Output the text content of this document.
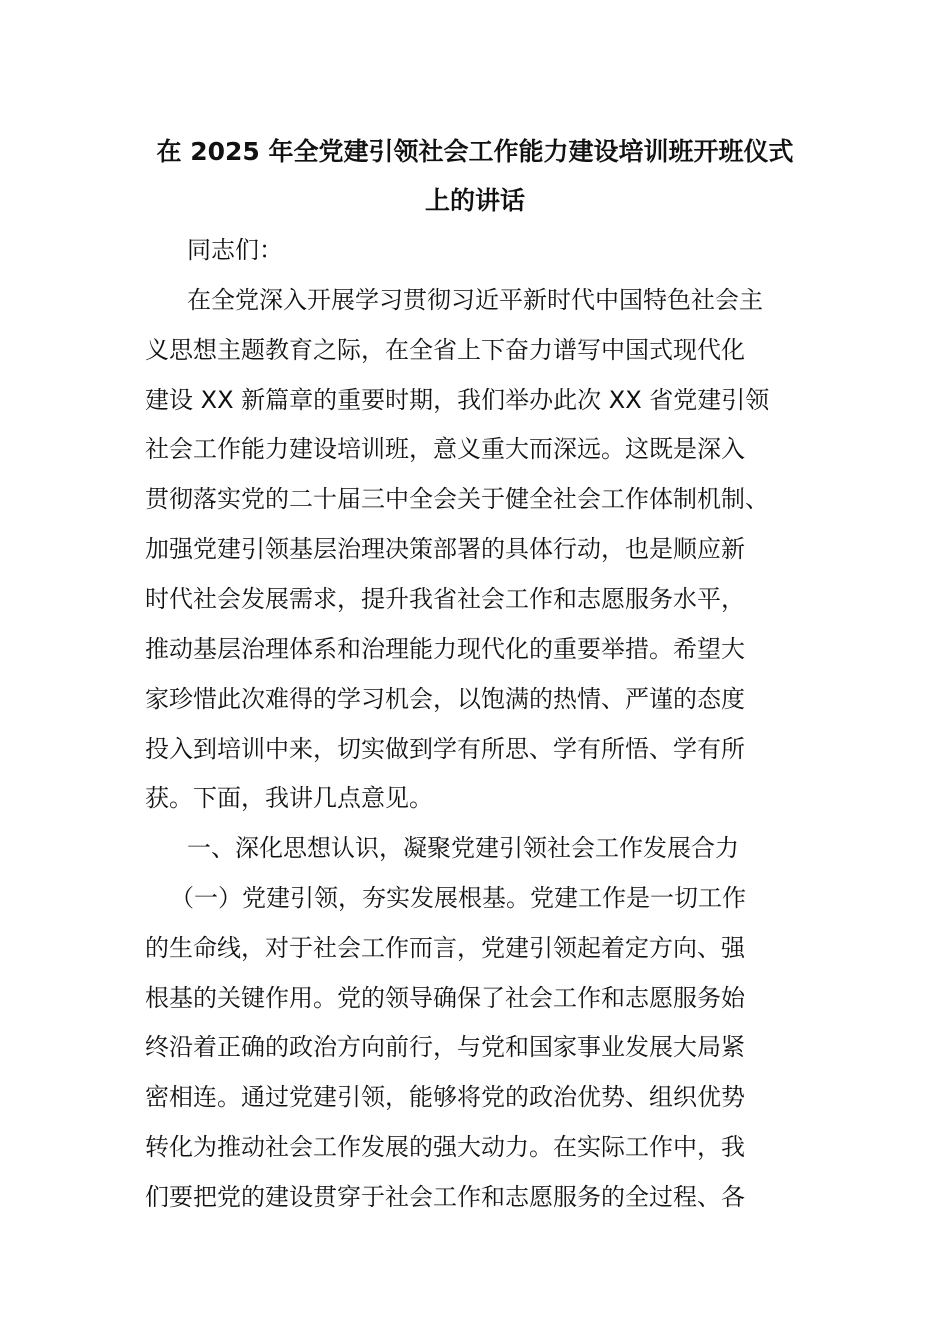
在 2025 年全党建引领社会工作能力建设培训班开班仪式
上的讲话
同志们：
在全党深入开展学习贯彻习近平新时代中国特色社会主
义思想主题教育之际，在全省上下奋力谱写中国式现代化
建设 XX 新篇章的重要时期，我们举办此次 XX 省党建引领
社会工作能力建设培训班，意义重大而深远。这既是深入
贯彻落实党的二十届三中全会关于健全社会工作体制机制、
加强党建引领基层治理决策部署的具体行动，也是顺应新
时代社会发展需求，提升我省社会工作和志愿服务水平，
推动基层治理体系和治理能力现代化的重要举措。希望大
家珍惜此次难得的学习机会，以饱满的热情、严谨的态度
投入到培训中来，切实做到学有所思、学有所悟、学有所
获。下面，我讲几点意见。
一、深化思想认识，凝聚党建引领社会工作发展合力
（一）党建引领，夯实发展根基。党建工作是一切工作
的生命线，对于社会工作而言，党建引领起着定方向、强
根基的关键作用。党的领导确保了社会工作和志愿服务始
终沿着正确的政治方向前行，与党和国家事业发展大局紧
密相连。通过党建引领，能够将党的政治优势、组织优势
转化为推动社会工作发展的强大动力。在实际工作中，我
们要把党的建设贯穿于社会工作和志愿服务的全过程、各
